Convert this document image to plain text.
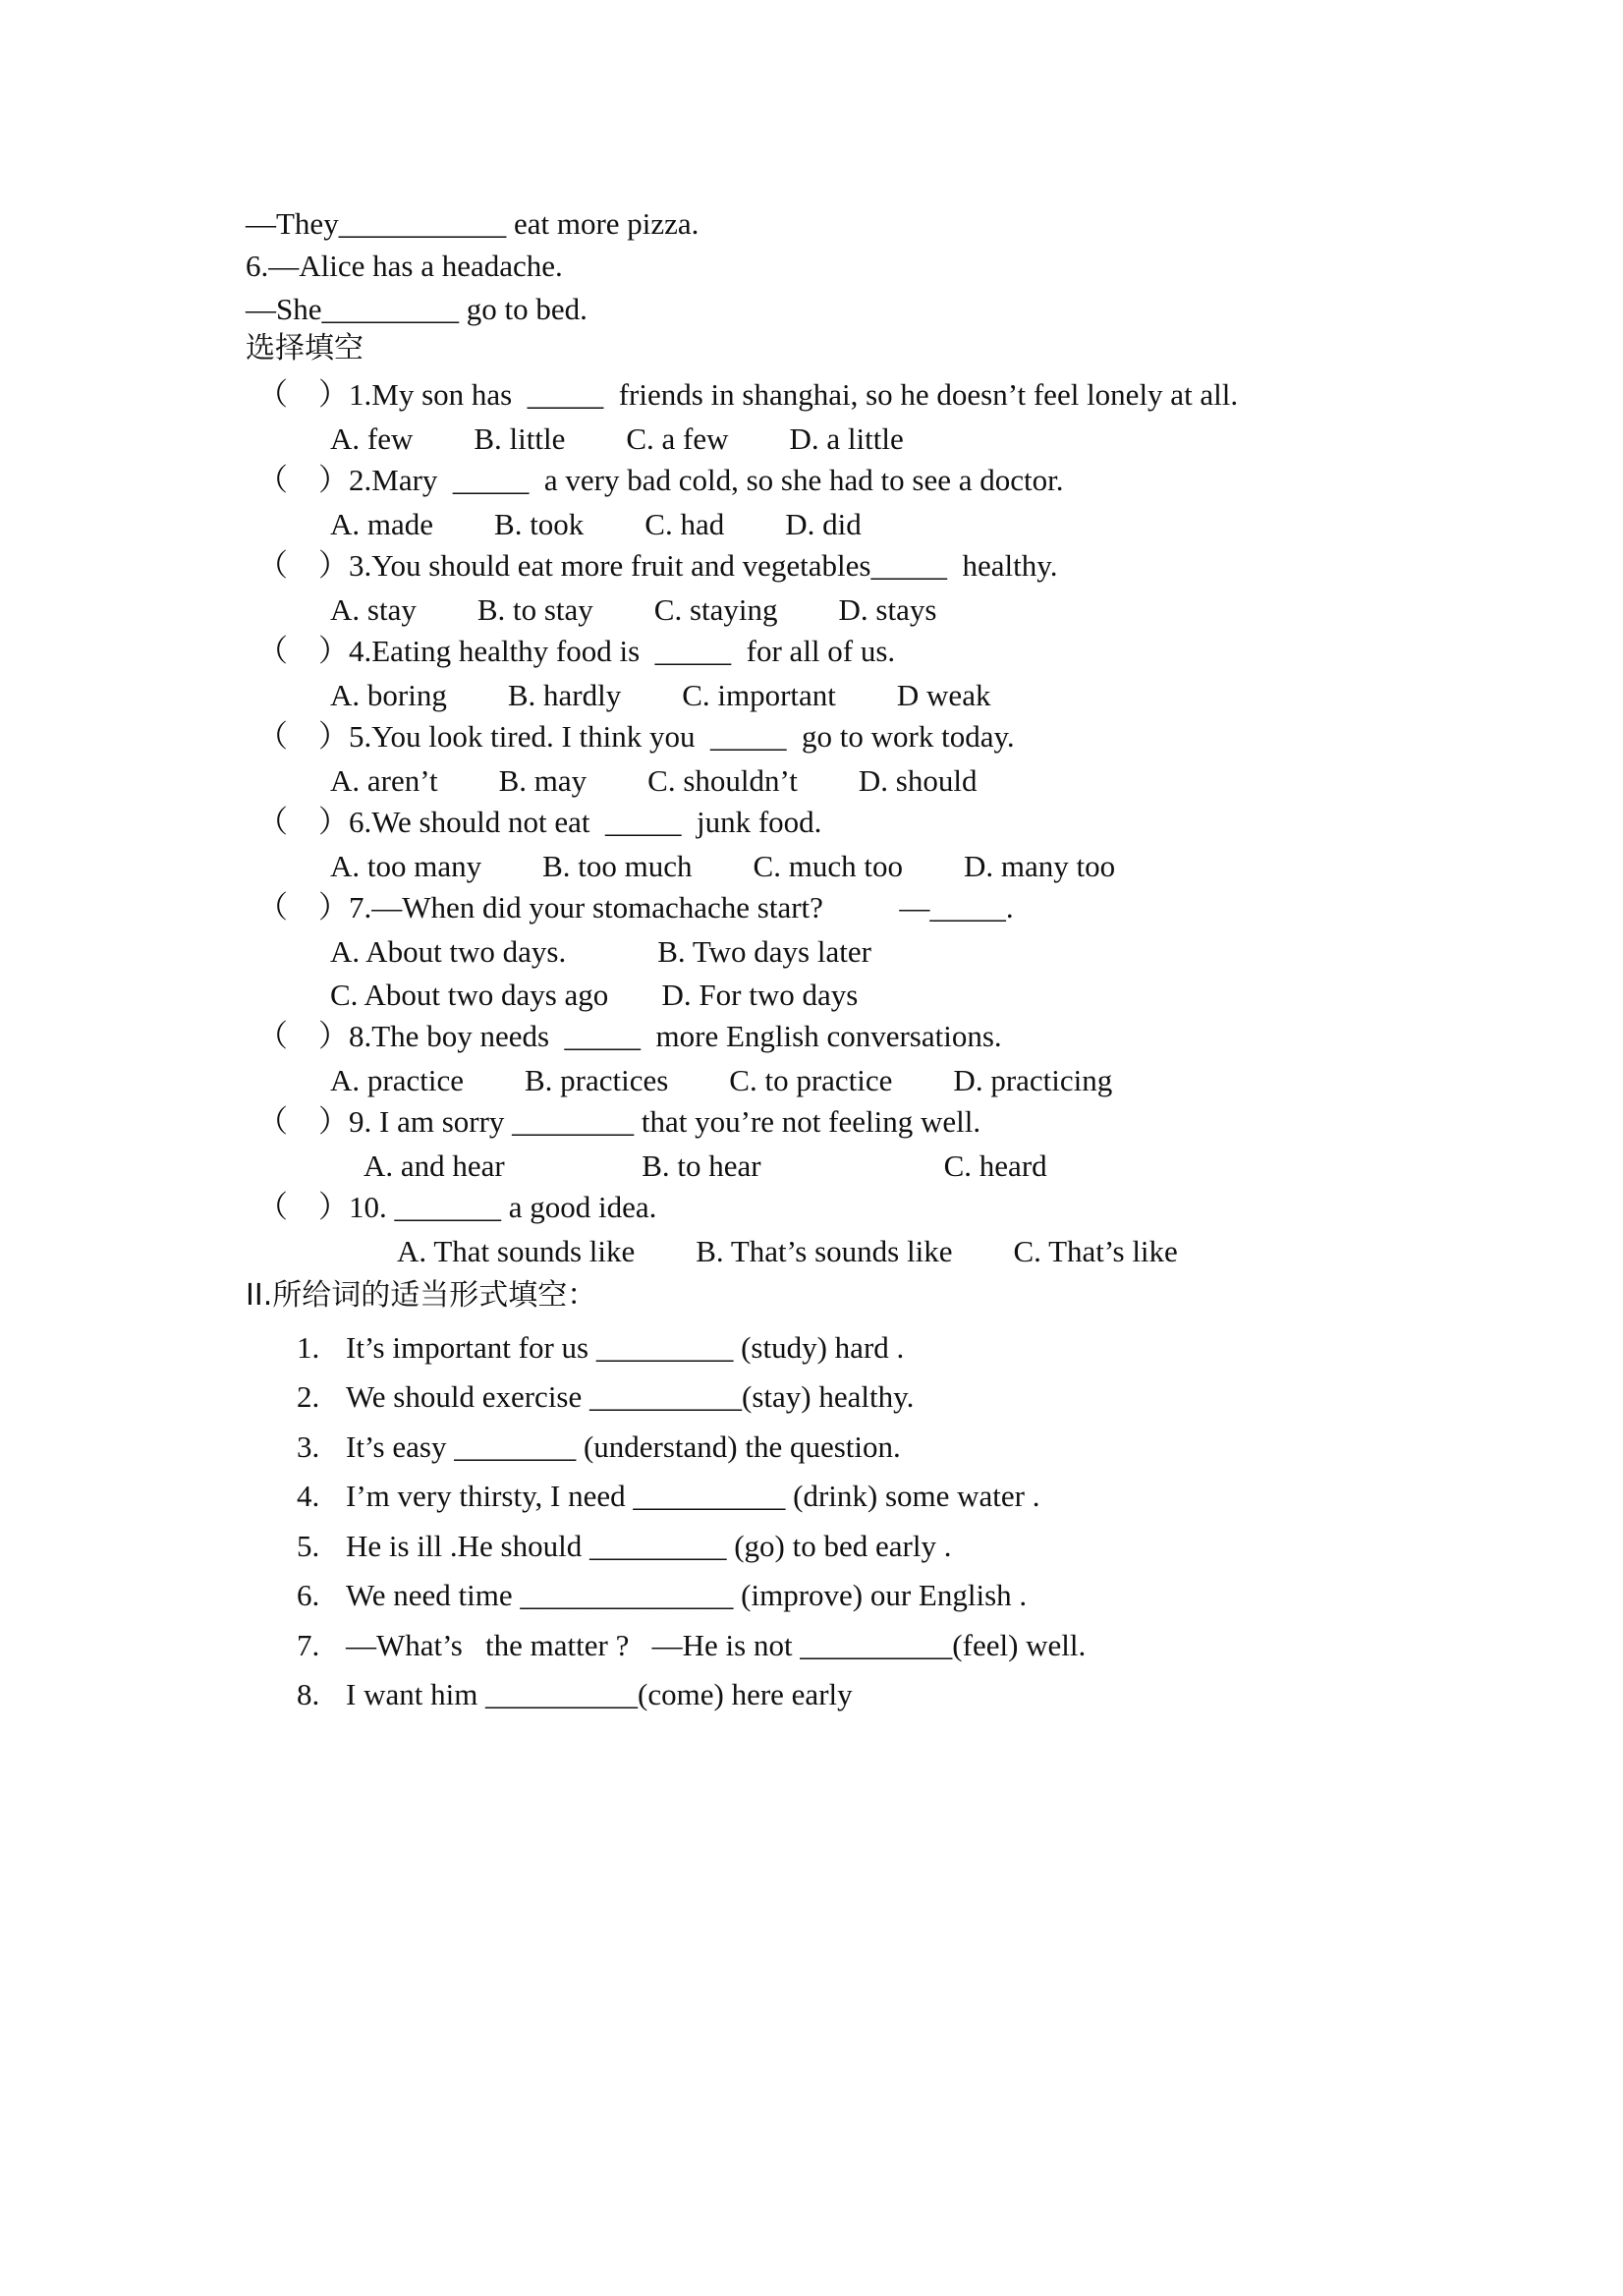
—They___________ eat more pizza.
6.—Alice has a headache.
—She_________ go to bed.
选择填空
（　）1.My son has  _____  friends in shanghai, so he doesn’t feel lonely at all.
A. few        B. little        C. a few        D. a little
（　）2.Mary  _____  a very bad cold, so she had to see a doctor.
A. made        B. took        C. had        D. did
（　）3.You should eat more fruit and vegetables_____  healthy.
A. stay        B. to stay        C. staying        D. stays
（　）4.Eating healthy food is  _____  for all of us.
A. boring        B. hardly        C. important        D weak
（　）5.You look tired. I think you  _____  go to work today.
A. aren’t        B. may        C. shouldn’t        D. should
（　）6.We should not eat  _____  junk food.
A. too many        B. too much        C. much too        D. many too
（　）7.—When did your stomachache start?          —_____.
A. About two days.            B. Two days later
C. About two days ago       D. For two days
（　）8.The boy needs  _____  more English conversations.
A. practice        B. practices        C. to practice        D. practicing
（　）9. I am sorry ________ that you’re not feeling well.
A. and hear                  B. to hear                        C. heard
（　）10. _______ a good idea.
A. That sounds like        B. That’s sounds like        C. That’s like
II.所给词的适当形式填空：
1. It’s important for us _________ (study) hard .
2. We should exercise __________(stay) healthy.
3. It’s easy ________ (understand) the question.
4. I’m very thirsty, I need __________ (drink) some water .
5. He is ill .He should _________ (go) to bed early .
6. We need time ______________ (improve) our English .
7. —What’s   the matter ?   —He is not __________(feel) well.
8. I want him __________(come) here early
